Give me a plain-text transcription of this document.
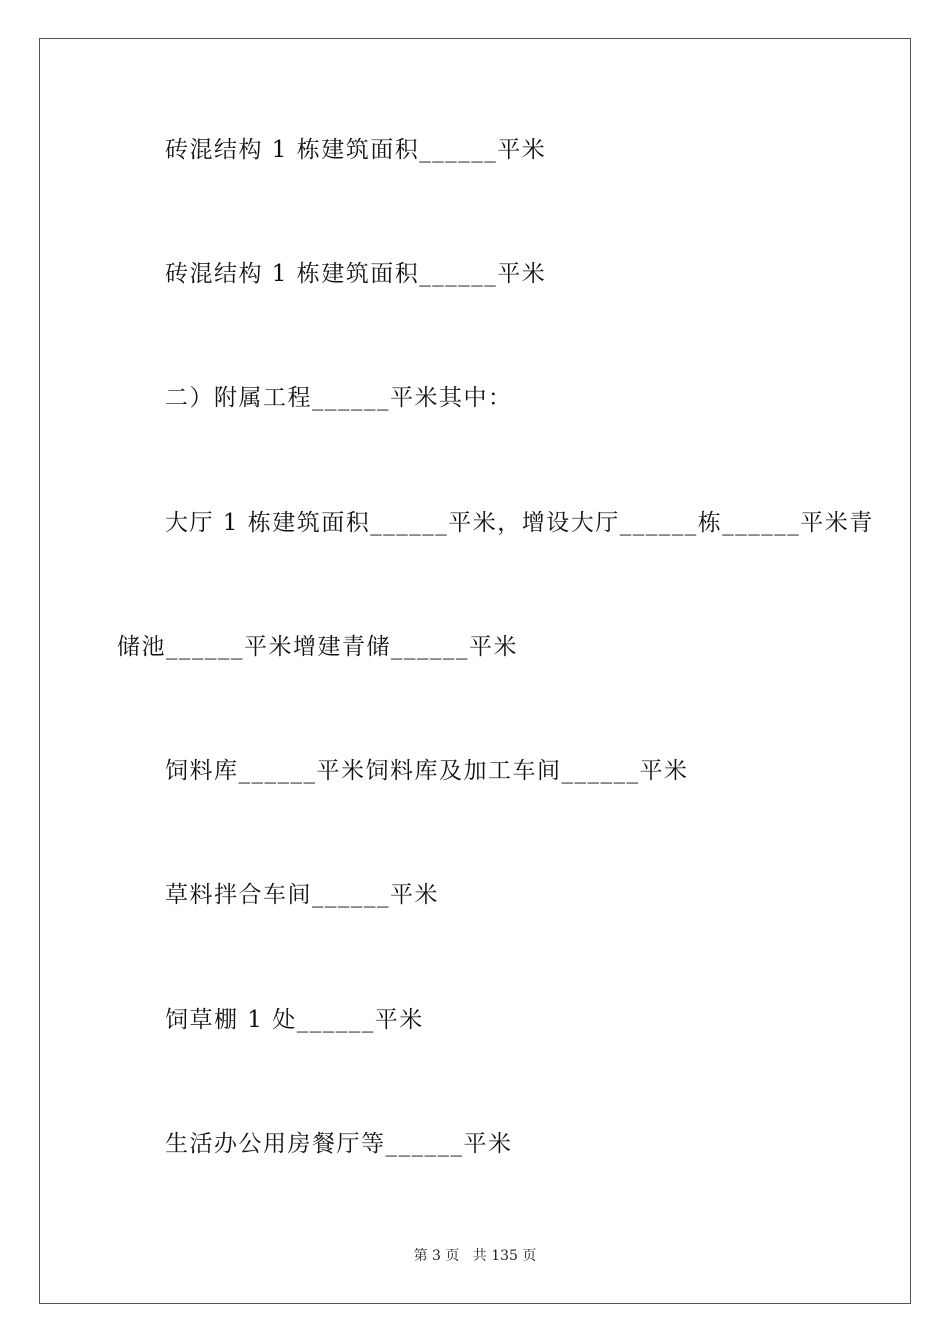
砖混结构 1 栋建筑面积______平米
砖混结构 1 栋建筑面积______平米
二）附属工程______平米其中：
大厅 1 栋建筑面积______平米，增设大厅______栋______平米青
储池______平米增建青储______平米
饲料库______平米饲料库及加工车间______平米
草料拌合车间______平米
饲草棚 1 处______平米
生活办公用房餐厅等______平米
第 3 页   共 135 页
